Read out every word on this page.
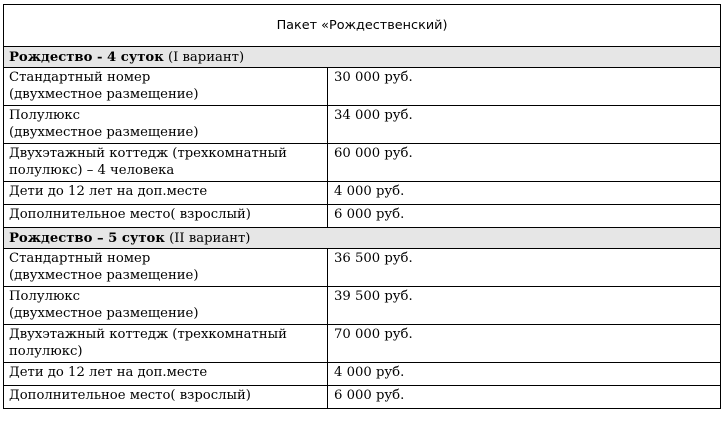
Пакет «Рождественский)	
Рождество - 4 суток (I вариант)	
Стандартный номер
(двухместное размещение)	30 000 руб.
Полулюкс
(двухместное размещение)	34 000 руб.
Двухэтажный коттедж (трехкомнатный
полулюкс) – 4 человека	60 000 руб.
Дети до 12 лет на доп.месте	4 000 руб.
Дополнительное место( взрослый)	6 000 руб.
Рождество – 5 суток (II вариант)	
Стандартный номер
(двухместное размещение)	36 500 руб.
Полулюкс
(двухместное размещение)	39 500 руб.
Двухэтажный коттедж (трехкомнатный
полулюкс)	70 000 руб.
Дети до 12 лет на доп.месте	4 000 руб.
Дополнительное место( взрослый)	6 000 руб.
